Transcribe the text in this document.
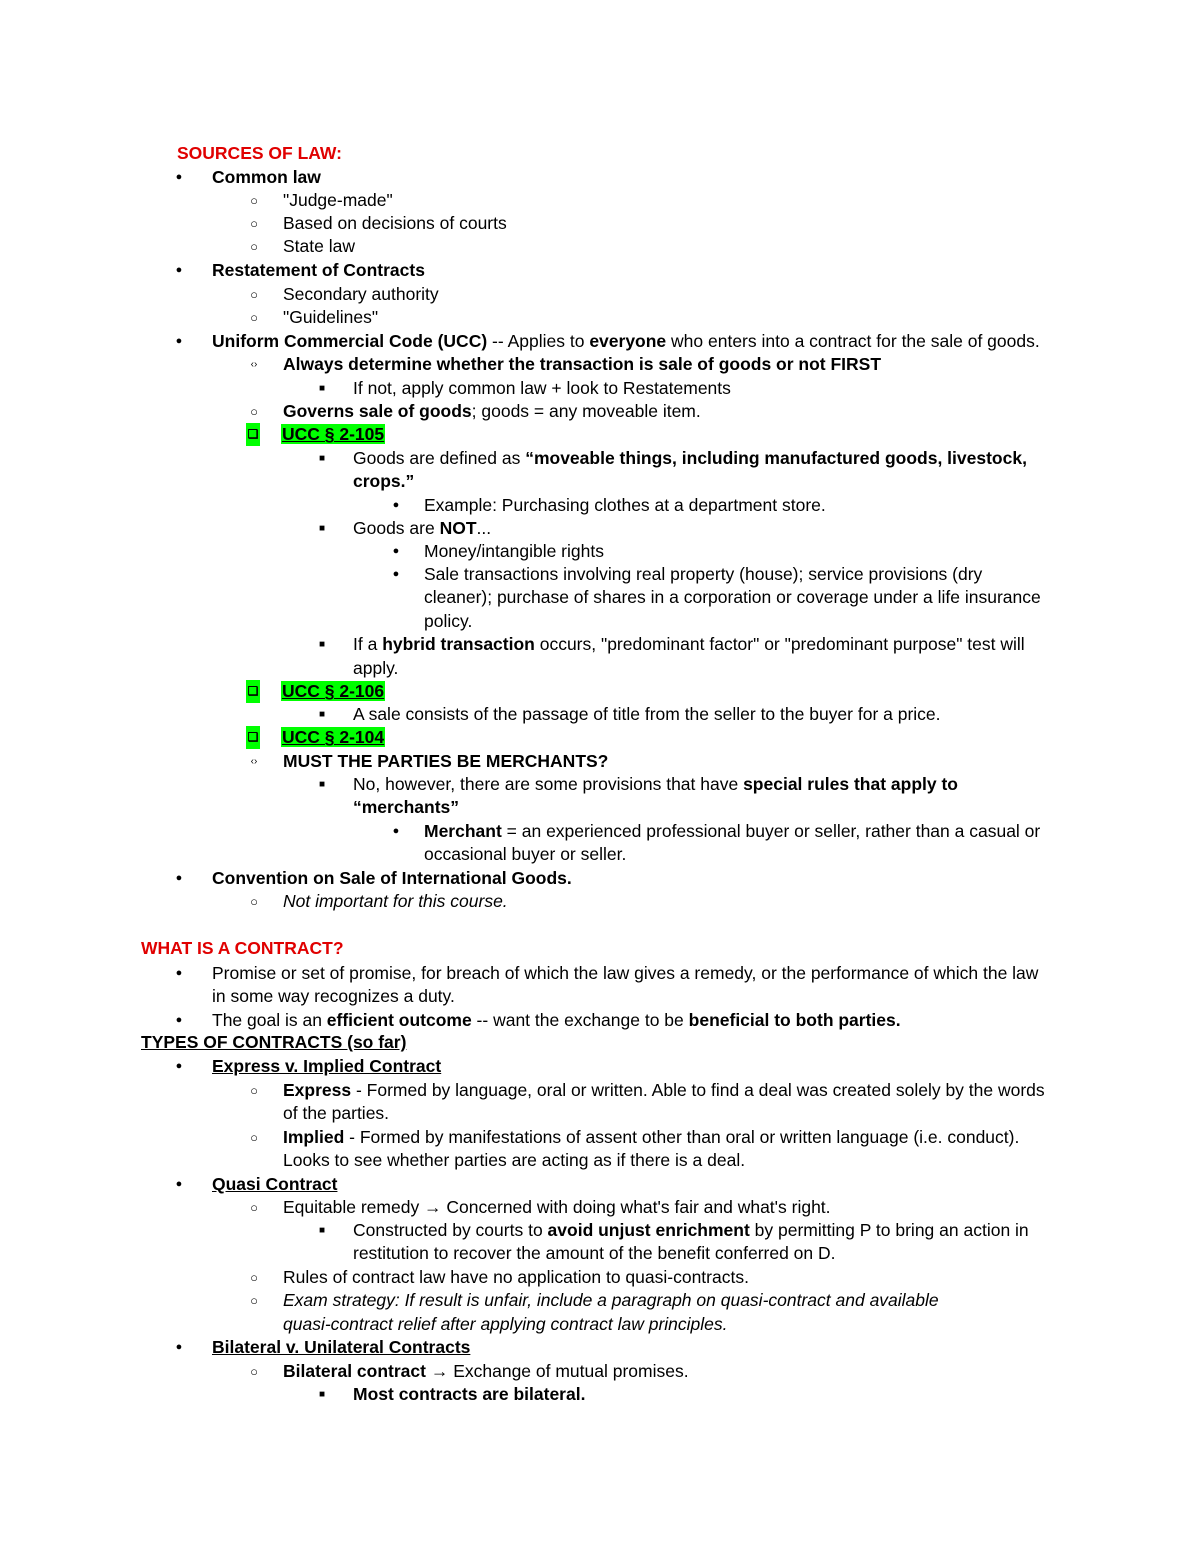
SOURCES OF LAW:
● Common law
○ "Judge-made"
○ Based on decisions of courts
○ State law
● Restatement of Contracts
○ Secondary authority
○ "Guidelines"
● Uniform Commercial Code (UCC) -- Applies to everyone who enters into a contract for the sale of goods.
‹› Always determine whether the transaction is sale of goods or not FIRST
■ If not, apply common law + look to Restatements
○ Governs sale of goods; goods = any moveable item.
❏ UCC § 2-105
■ Goods are defined as “moveable things, including manufactured goods, livestock,
crops.”
● Example: Purchasing clothes at a department store.
■ Goods are NOT...
● Money/intangible rights
● Sale transactions involving real property (house); service provisions (dry
cleaner); purchase of shares in a corporation or coverage under a life insurance
policy.
■ If a hybrid transaction occurs, "predominant factor" or "predominant purpose" test will
apply.
❏ UCC § 2-106
■ A sale consists of the passage of title from the seller to the buyer for a price.
❏ UCC § 2-104
‹› MUST THE PARTIES BE MERCHANTS?
■ No, however, there are some provisions that have special rules that apply to
“merchants”
● Merchant = an experienced professional buyer or seller, rather than a casual or
occasional buyer or seller.
● Convention on Sale of International Goods.
○ Not important for this course.
WHAT IS A CONTRACT?
● Promise or set of promise, for breach of which the law gives a remedy, or the performance of which the law
in some way recognizes a duty.
● The goal is an efficient outcome -- want the exchange to be beneficial to both parties.
TYPES OF CONTRACTS (so far)
● Express v. Implied Contract
○ Express - Formed by language, oral or written. Able to find a deal was created solely by the words
of the parties.
○ Implied - Formed by manifestations of assent other than oral or written language (i.e. conduct).
Looks to see whether parties are acting as if there is a deal.
● Quasi Contract
○ Equitable remedy → Concerned with doing what's fair and what's right.
■ Constructed by courts to avoid unjust enrichment by permitting P to bring an action in
restitution to recover the amount of the benefit conferred on D.
○ Rules of contract law have no application to quasi-contracts.
○ Exam strategy: If result is unfair, include a paragraph on quasi-contract and available
quasi-contract relief after applying contract law principles.
● Bilateral v. Unilateral Contracts
○ Bilateral contract → Exchange of mutual promises.
■ Most contracts are bilateral.
